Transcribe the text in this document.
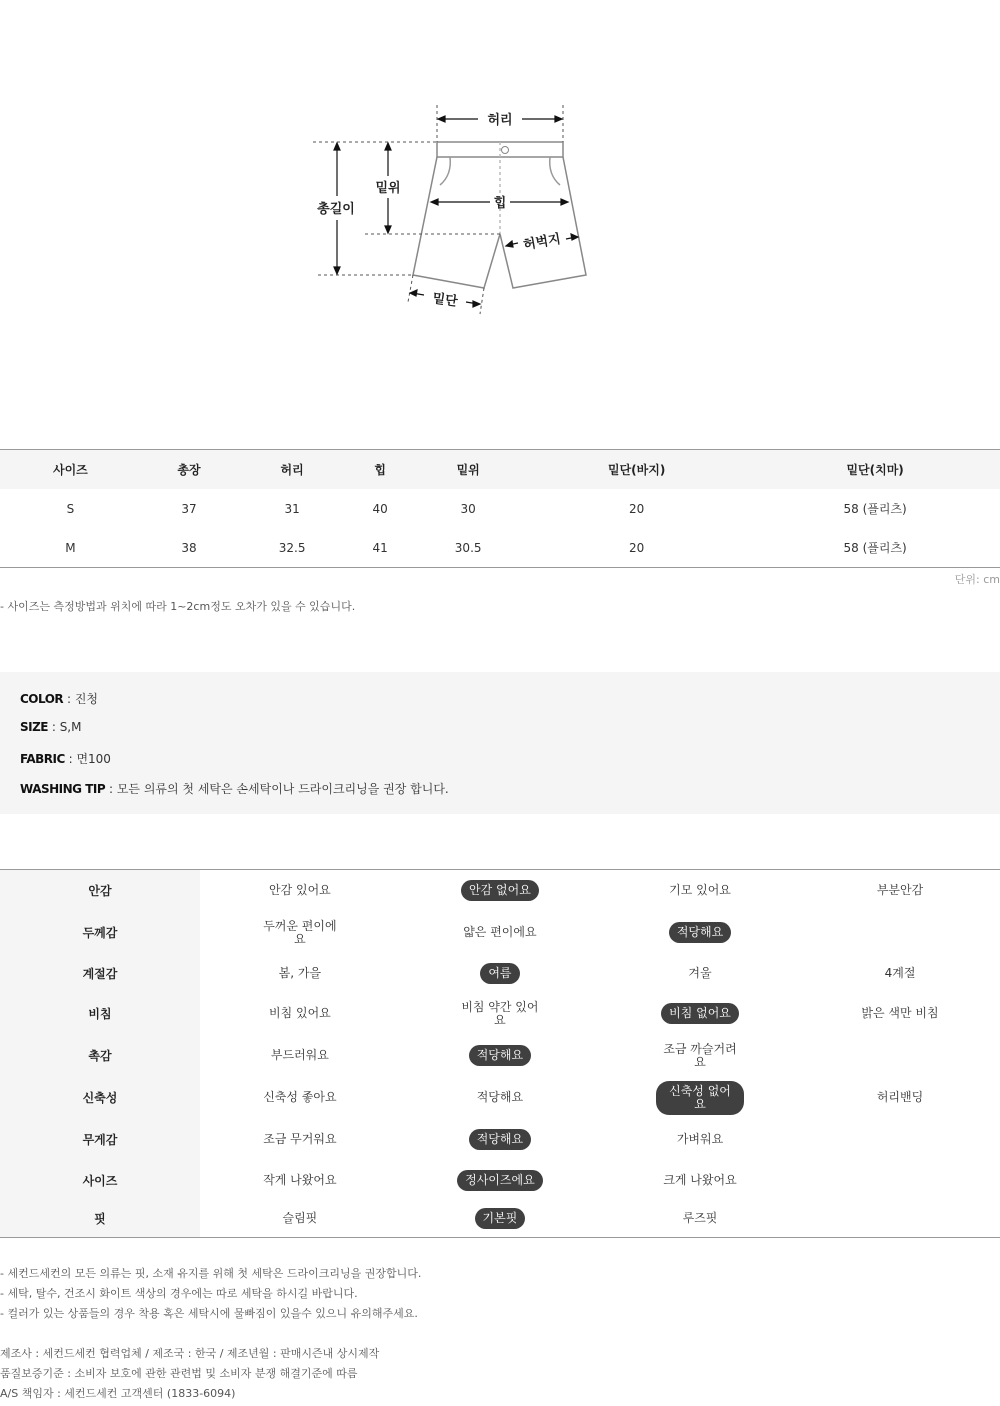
허리
총길이
밑위
힙
허벅지
밑단
사이즈	총장	허리	힙	밑위	밑단(바지)	밑단(치마)
S	37	31	40	30	20	58 (플리츠)
M	38	32.5	41	30.5	20	58 (플리츠)
단위: cm
- 사이즈는 측정방법과 위치에 따라 1~2cm정도 오차가 있을 수 있습니다.
COLOR : 진청
SIZE : S,M
FABRIC : 면100
WASHING TIP : 모든 의류의 첫 세탁은 손세탁이나 드라이크리닝을 권장 합니다.
안감	안감 있어요	안감 없어요	기모 있어요	부분안감
두께감	두꺼운 편이에요	얇은 편이에요	적당해요	
계절감	봄, 가을	여름	겨울	4계절
비침	비침 있어요	비침 약간 있어요	비침 없어요	밝은 색만 비침
촉감	부드러워요	적당해요	조금 까슬거려요	
신축성	신축성 좋아요	적당해요	신축성 없어요	허리밴딩
무게감	조금 무거워요	적당해요	가벼워요	
사이즈	작게 나왔어요	정사이즈에요	크게 나왔어요	
핏	슬림핏	기본핏	루즈핏	
- 세컨드세컨의 모든 의류는 핏, 소재 유지를 위해 첫 세탁은 드라이크리닝을 권장합니다.
- 세탁, 탈수, 건조시 화이트 색상의 경우에는 따로 세탁을 하시길 바랍니다.
- 컬러가 있는 상품들의 경우 착용 혹은 세탁시에 물빠짐이 있을수 있으니 유의해주세요.
제조사 : 세컨드세컨 협력업체 / 제조국 : 한국 / 제조년월 : 판매시즌내 상시제작
품질보증기준 : 소비자 보호에 관한 관련법 및 소비자 분쟁 해결기준에 따름
A/S 책임자 : 세컨드세컨 고객센터 (1833-6094)
